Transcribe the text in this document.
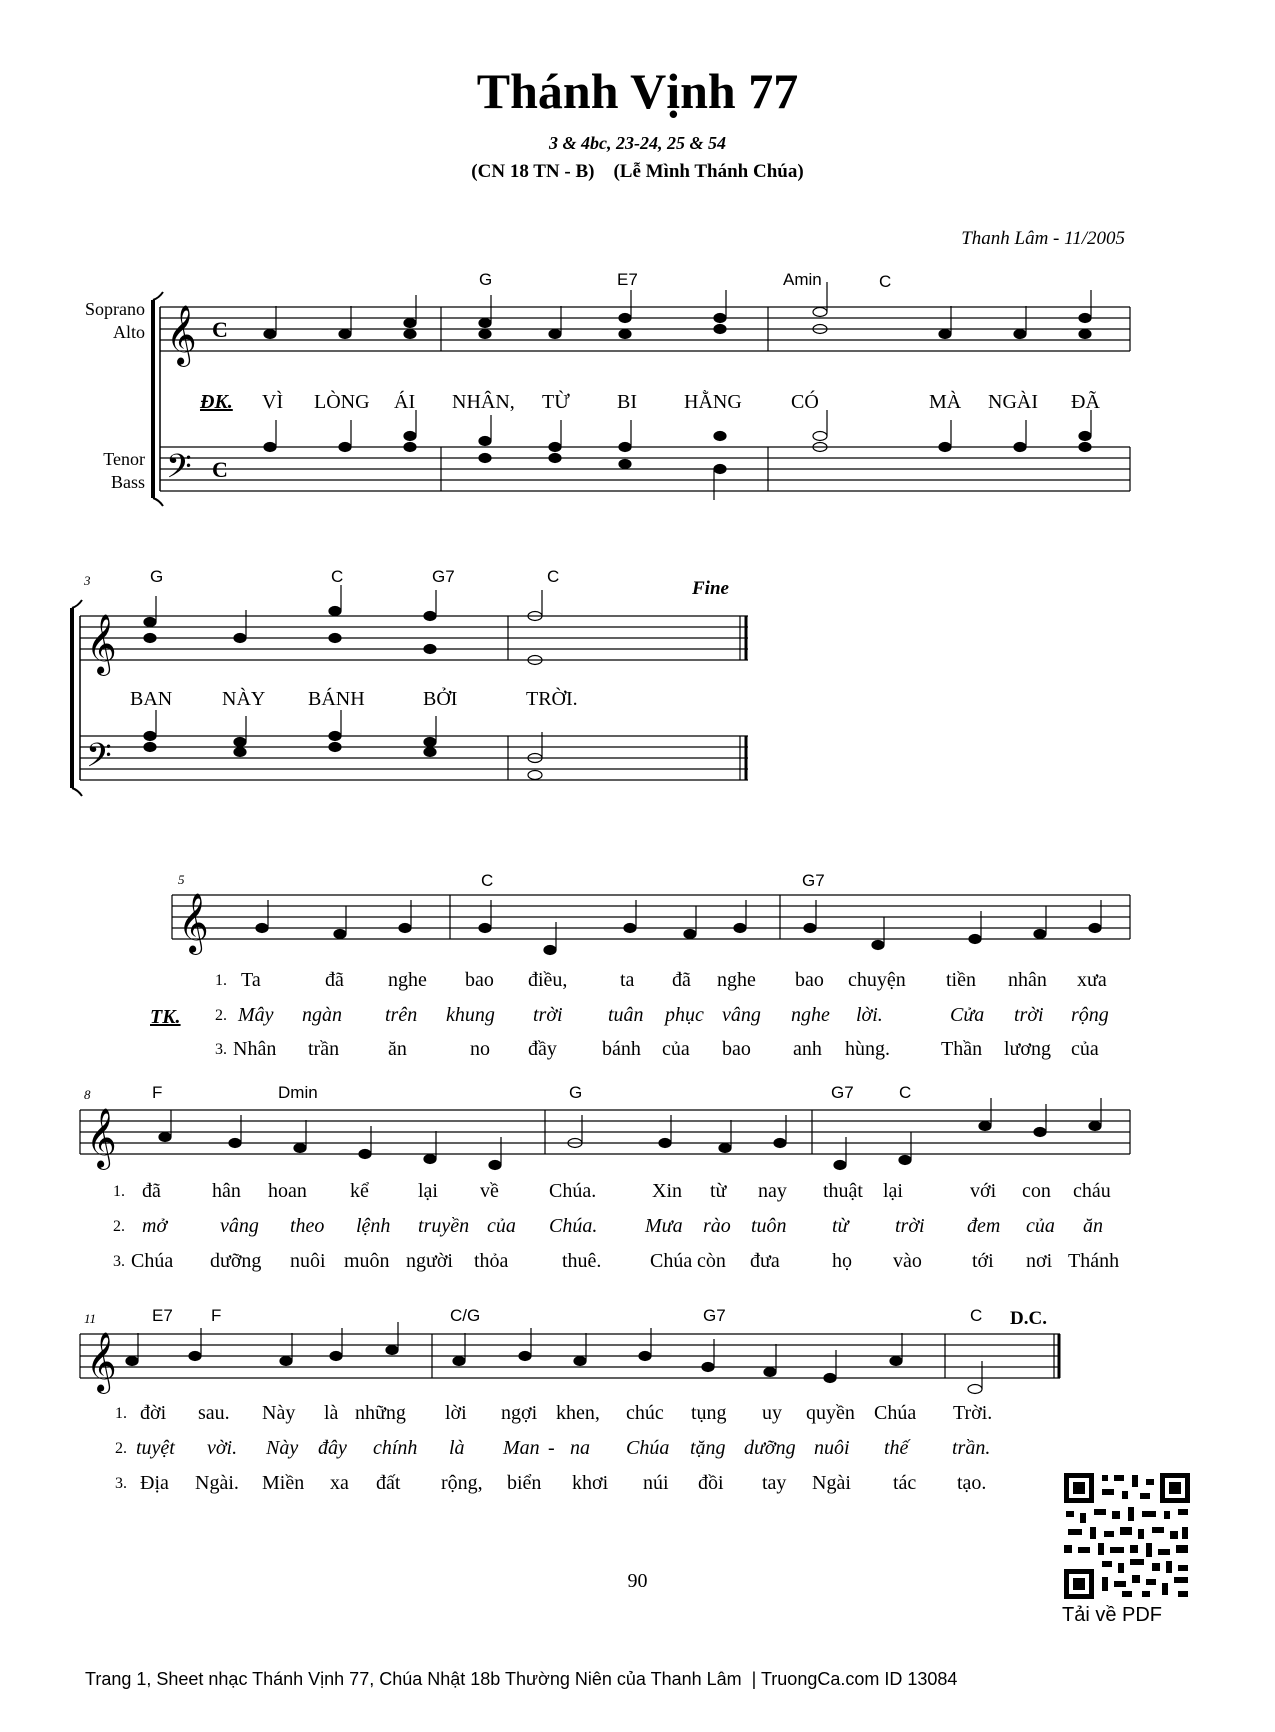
Thánh Vịnh 77
3 & 4bc, 23-24, 25 & 54
(CN 18 TN - B)    (Lễ Mình Thánh Chúa)
Thanh Lâm - 11/2005
Soprano
Alto
Tenor
Bass
𝄞
𝄢
𝄞
𝄢
𝄞
𝄞
𝄞
C
C
G	E7	Amin	C
G	C	G7	C
C	G7
F	Dmin	G	G7	C
E7 F	C/G	G7	C
3
5
8
11
Fine
D.C.
ĐK. VÌ LÒNG ÁI NHÂN, TỪ BI HẰNG CÓ	MÀ NGÀI ĐÃ
BAN NÀY BÁNH	BỞI	TRỜI.
TK.
1. Ta	đã nghe bao điều,	ta đã nghe bao chuyện tiền nhân xưa
2. Mây ngàn trên khung trời tuân phục vâng nghe lời.	Cửa trời rộng
3. Nhân trần ăn	no đầy bánh của bao anh hùng.	Thần lương của
1. đã	hân hoan kể lại về	Chúa.	Xin từ nay thuật lại	với con cháu
2. mở	vâng theo lệnh truyền của Chúa. Mưa rào tuôn từ trời đem của ăn
3. Chúa dưỡng nuôi muôn người thỏa	thuê. Chúa còn đưa	họ vào	tới nơi Thánh
1. đời sau. Này là những lời ngợi khen, chúc tụng uy quyền Chúa Trời.
2. tuyệt vời. Này đây chính là Man - na Chúa tặng dưỡng nuôi thế trần.
3. Địa Ngài. Miền xa đất rộng, biển khơi núi đồi tay Ngài tác tạo.
90
Tải về PDF
Trang 1, Sheet nhạc Thánh Vịnh 77, Chúa Nhật 18b Thường Niên của Thanh Lâm  | TruongCa.com ID 13084
